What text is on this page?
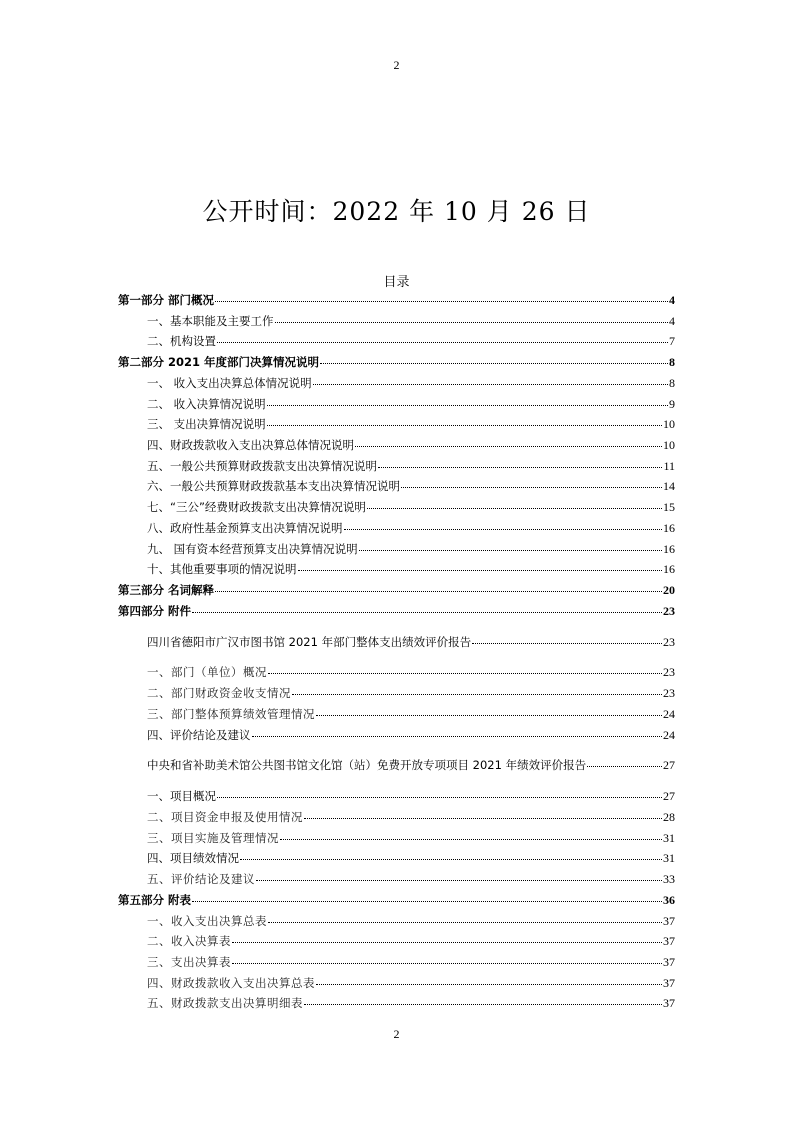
2
公开时间：2022 年 10 月 26 日
目录
第一部分 部门概况	4
一、基本职能及主要工作	4
二、机构设置	7
第二部分 2021 年度部门决算情况说明	8
一、 收入支出决算总体情况说明	8
二、 收入决算情况说明	9
三、 支出决算情况说明	10
四、财政拨款收入支出决算总体情况说明	10
五、一般公共预算财政拨款支出决算情况说明	11
六、一般公共预算财政拨款基本支出决算情况说明	14
七、“三公”经费财政拨款支出决算情况说明	15
八、政府性基金预算支出决算情况说明	16
九、 国有资本经营预算支出决算情况说明	16
十、其他重要事项的情况说明	16
第三部分 名词解释	20
第四部分 附件	23
四川省德阳市广汉市图书馆 2021 年部门整体支出绩效评价报告	23
一、部门（单位）概况	23
二、部门财政资金收支情况	23
三、部门整体预算绩效管理情况	24
四、评价结论及建议	24
中央和省补助美术馆公共图书馆文化馆（站）免费开放专项项目 2021 年绩效评价报告	27
一、项目概况	27
二、项目资金申报及使用情况	28
三、项目实施及管理情况	31
四、项目绩效情况	31
五、评价结论及建议	33
第五部分 附表	36
一、收入支出决算总表	37
二、收入决算表	37
三、支出决算表	37
四、财政拨款收入支出决算总表	37
五、财政拨款支出决算明细表	37
2
